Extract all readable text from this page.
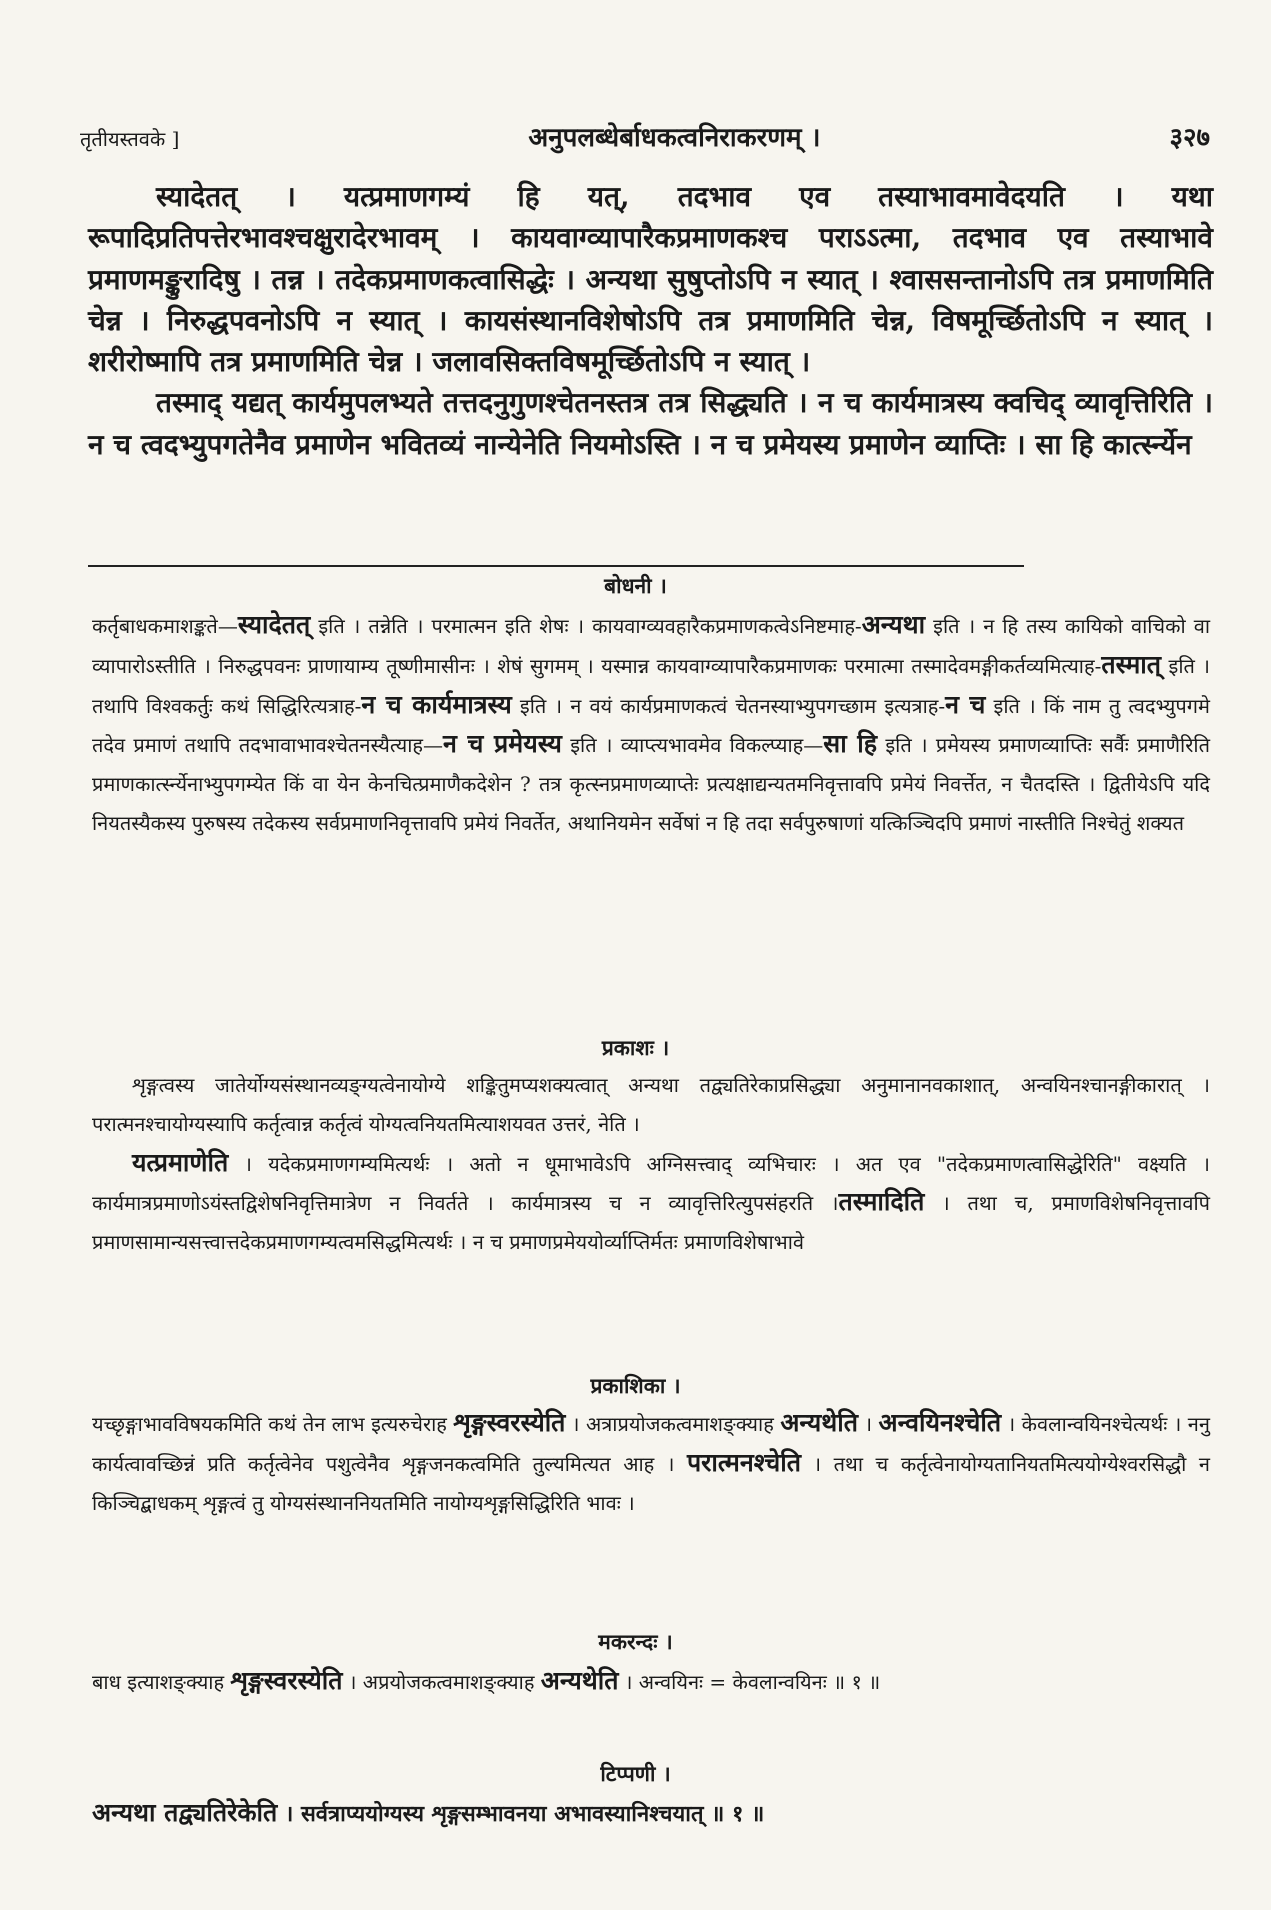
तृतीयस्तवके ]	अनुपलब्धेर्बाधकत्वनिराकरणम् ।	३२७

स्यादेतत् । यत्प्रमाणगम्यं हि यत्, तदभाव एव तस्याभावमावेदयति । यथा रूपादिप्रतिपत्तेरभावश्चक्षुरादेरभावम् । कायवाग्व्यापारैकप्रमाणकश्च पराऽऽत्मा, तदभाव एव तस्याभावे प्रमाणमङ्कुरादिषु । तन्न । तदेकप्रमाणकत्वासिद्धेः । अन्यथा सुषुप्तोऽपि न स्यात् । श्वाससन्तानोऽपि तत्र प्रमाणमिति चेन्न । निरुद्धपवनोऽपि न स्यात् । कायसंस्थानविशेषोऽपि तत्र प्रमाणमिति चेन्न, विषमूर्च्छितोऽपि न स्यात् । शरीरोष्मापि तत्र प्रमाणमिति चेन्न । जलावसिक्तविषमूर्च्छितोऽपि न स्यात् ।

तस्माद् यद्यत् कार्यमुपलभ्यते तत्तदनुगुणश्चेतनस्तत्र तत्र सिद्ध्यति । न च कार्यमात्रस्य क्वचिद् व्यावृत्तिरिति । न च त्वदभ्युपगतेनैव प्रमाणेन भवितव्यं नान्येनेति नियमोऽस्ति । न च प्रमेयस्य प्रमाणेन व्याप्तिः । सा हि कार्त्स्न्येन

बोधनी ।

कर्तृबाधकमाशङ्कते—स्यादेतत् इति । तन्नेति । परमात्मन इति शेषः । कायवाग्व्यवहारैकप्रमाणकत्वेऽनिष्टमाह-अन्यथा इति । न हि तस्य कायिको वाचिको वा व्यापारोऽस्तीति । निरुद्धपवनः प्राणायाम्य तूष्णीमासीनः । शेषं सुगमम् । यस्मान्न कायवाग्व्यापारैकप्रमाणकः परमात्मा तस्मादेवमङ्गीकर्तव्यमित्याह-तस्मात् इति । तथापि विश्वकर्तुः कथं सिद्धिरित्यत्राह-न च कार्यमात्रस्य इति । न वयं कार्यप्रमाणकत्वं चेतनस्याभ्युपगच्छाम इत्यत्राह-न च इति । किं नाम तु त्वदभ्युपगमे तदेव प्रमाणं तथापि तदभावाभावश्चेतनस्यैत्याह—न च प्रमेयस्य इति । व्याप्त्यभावमेव विकल्प्याह—सा हि इति । प्रमेयस्य प्रमाणव्याप्तिः सर्वैः प्रमाणैरिति प्रमाणकार्त्स्न्येनाभ्युपगम्येत किं वा येन केनचित्प्रमाणैकदेशेन ? तत्र कृत्स्नप्रमाणव्याप्तेः प्रत्यक्षाद्यन्यतमनिवृत्तावपि प्रमेयं निवर्त्तेत, न चैतदस्ति । द्वितीयेऽपि यदि नियतस्यैकस्य पुरुषस्य तदेकस्य सर्वप्रमाणनिवृत्तावपि प्रमेयं निवर्तेत, अथानियमेन सर्वेषां न हि तदा सर्वपुरुषाणां यत्किञ्चिदपि प्रमाणं नास्तीति निश्चेतुं शक्यत

प्रकाशः ।

शृङ्गत्वस्य जातेर्योग्यसंस्थानव्यङ्ग्यत्वेनायोग्ये शङ्कितुमप्यशक्यत्वात् अन्यथा तद्व्यतिरेकाप्रसिद्ध्या अनुमानानवकाशात्, अन्वयिनश्चानङ्गीकारात् । परात्मनश्चायोग्यस्यापि कर्तृत्वान्न कर्तृत्वं योग्यत्वनियतमित्याशयवत उत्तरं, नेति ।

यत्प्रमाणेति । यदेकप्रमाणगम्यमित्यर्थः । अतो न धूमाभावेऽपि अग्निसत्त्वाद् व्यभिचारः । अत एव "तदेकप्रमाणत्वासिद्धेरिति" वक्ष्यति । कार्यमात्रप्रमाणोऽयंस्तद्विशेषनिवृत्तिमात्रेण न निवर्तते । कार्यमात्रस्य च न व्यावृत्तिरित्युपसंहरति ।तस्मादिति । तथा च, प्रमाणविशेषनिवृत्तावपि प्रमाणसामान्यसत्त्वात्तदेकप्रमाणगम्यत्वमसिद्धमित्यर्थः । न च प्रमाणप्रमेययोर्व्याप्तिर्मतः प्रमाणविशेषाभावे

प्रकाशिका ।

यच्छृङ्गाभावविषयकमिति कथं तेन लाभ इत्यरुचेराह शृङ्गस्वरस्येति । अत्राप्रयोजकत्वमाशङ्क्याह अन्यथेति । अन्वयिनश्चेति । केवलान्वयिनश्चेत्यर्थः । ननु कार्यत्वावच्छिन्नं प्रति कर्तृत्वेनेव पशुत्वेनैव शृङ्गजनकत्वमिति तुल्यमित्यत आह । परात्मनश्चेति । तथा च कर्तृत्वेनायोग्यतानियतमित्ययोग्येश्वरसिद्धौ न किञ्चिद्बाधकम् शृङ्गत्वं तु योग्यसंस्थाननियतमिति नायोग्यशृङ्गसिद्धिरिति भावः ।

मकरन्दः ।

बाध इत्याशङ्क्याह शृङ्गस्वरस्येति । अप्रयोजकत्वमाशङ्क्याह अन्यथेति । अन्वयिनः = केवलान्वयिनः ॥ १ ॥

टिप्पणी ।

अन्यथा तद्व्यतिरेकेति । सर्वत्राप्ययोग्यस्य शृङ्गसम्भावनया अभावस्यानिश्चयात् ॥ १ ॥
